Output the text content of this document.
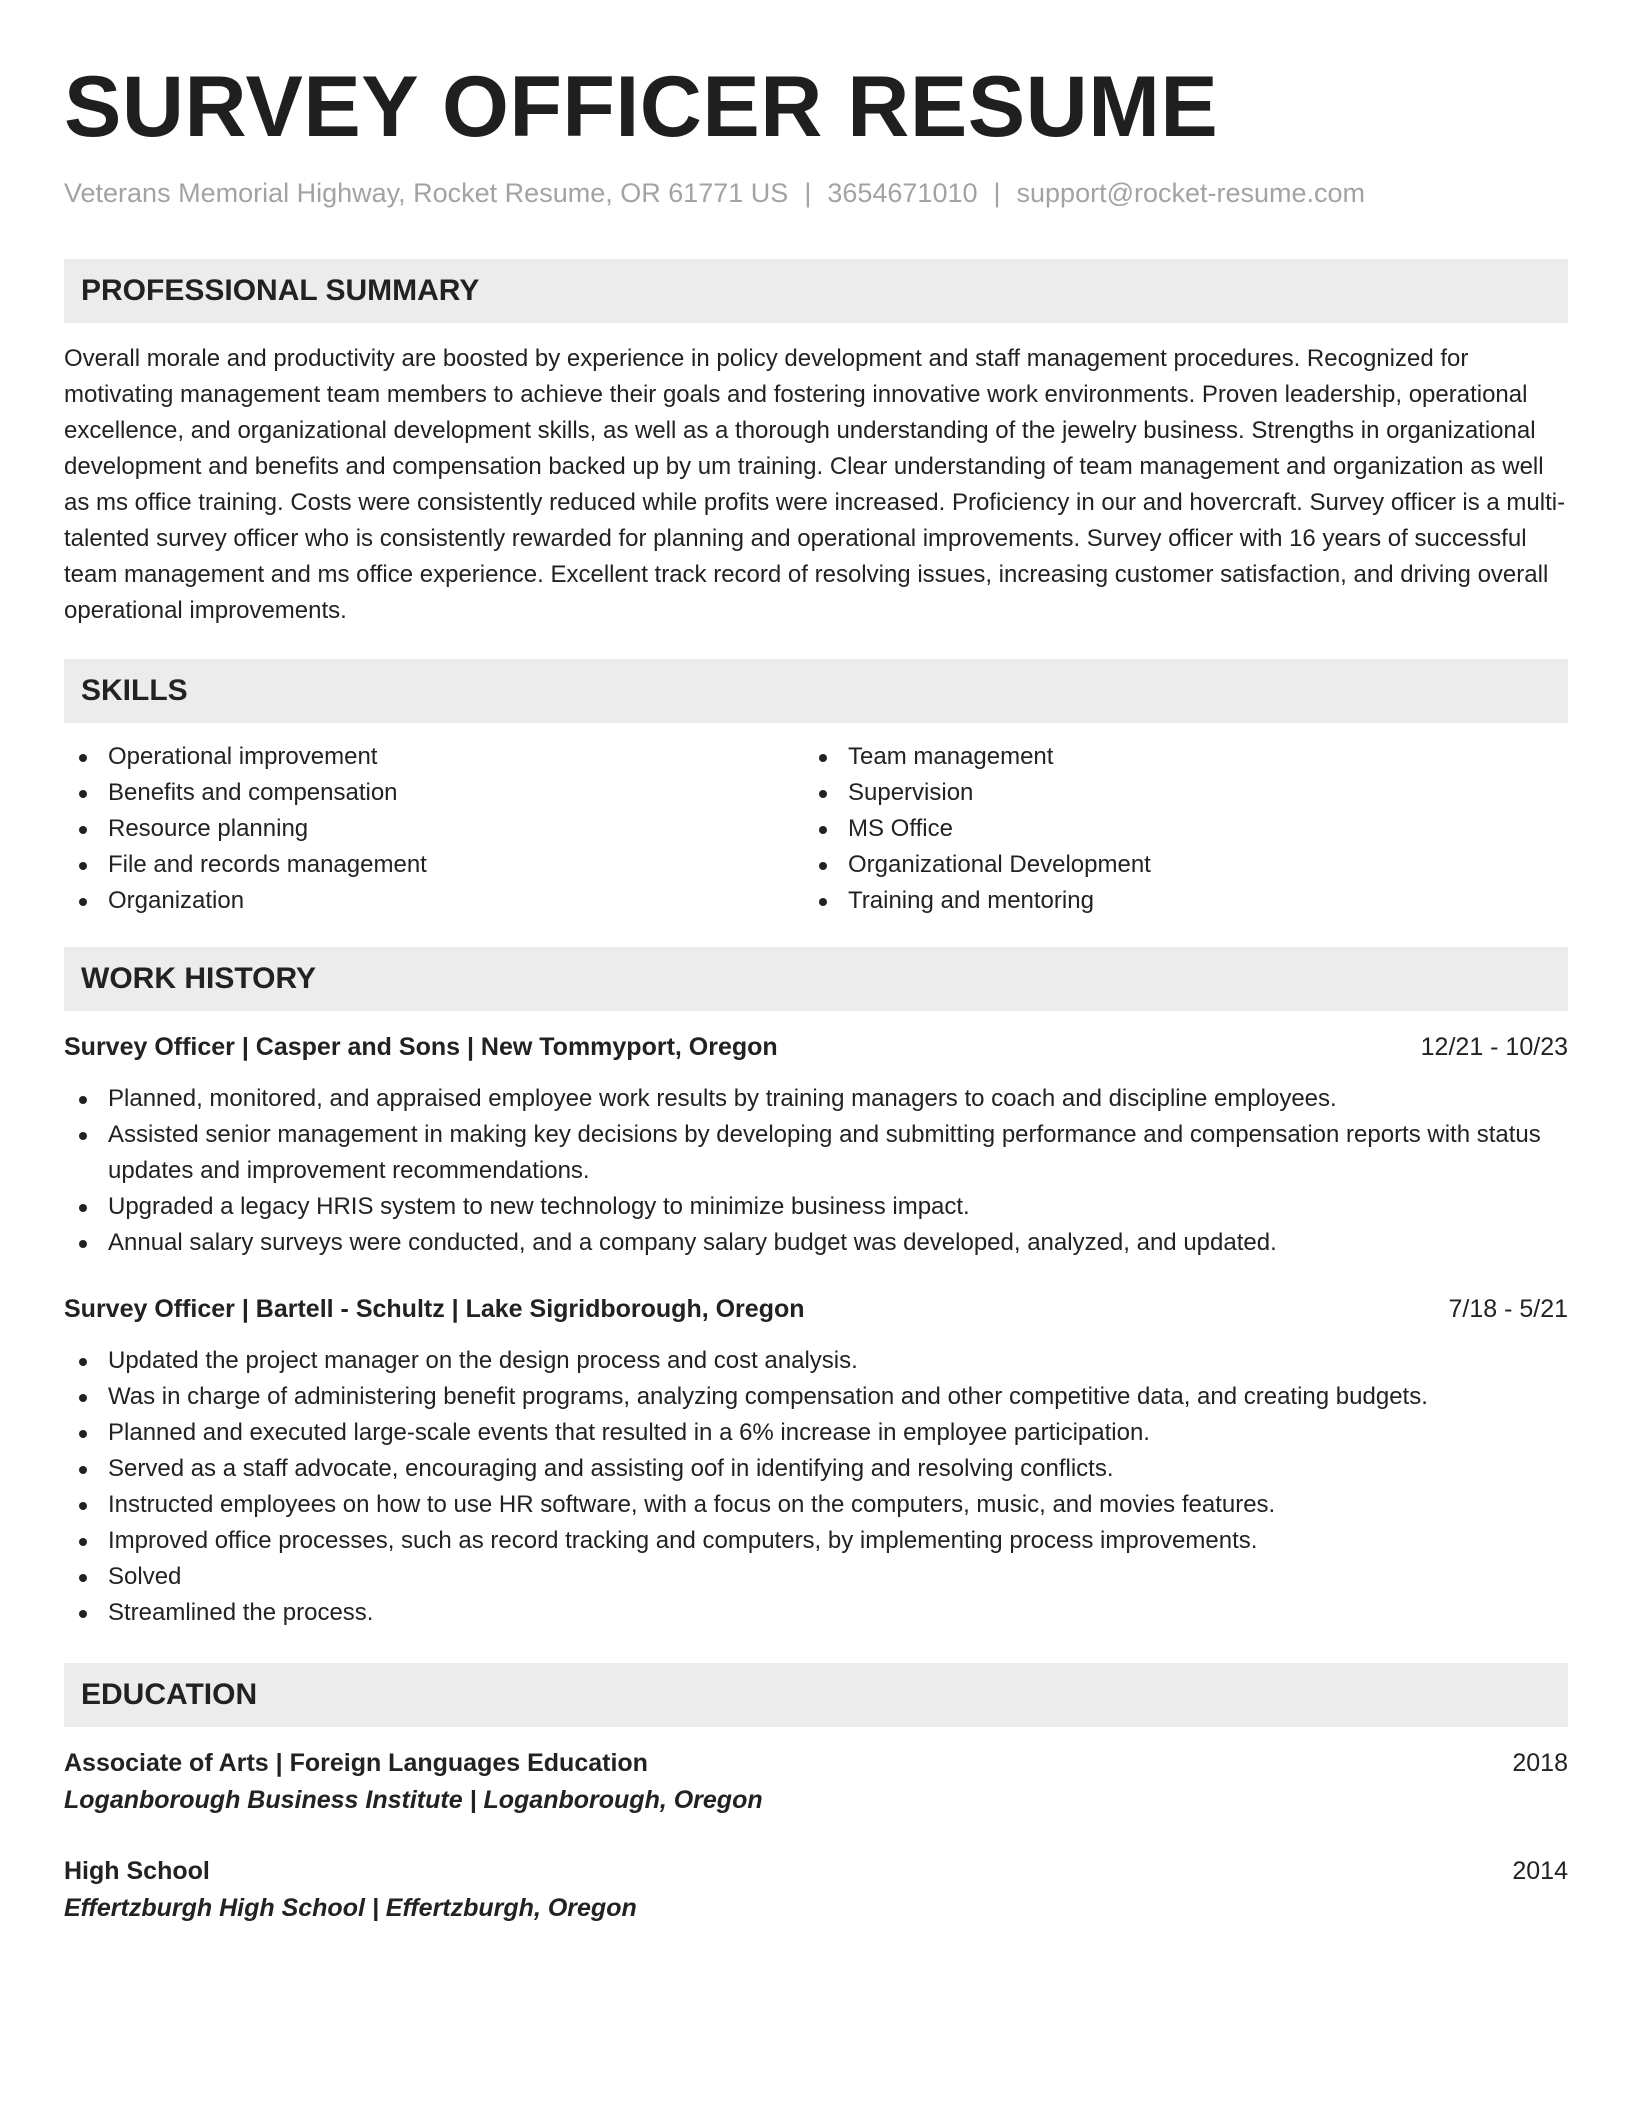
SURVEY OFFICER RESUME
Veterans Memorial Highway, Rocket Resume, OR 61771 US | 3654671010 | support@rocket-resume.com
PROFESSIONAL SUMMARY

Overall morale and productivity are boosted by experience in policy development and staff management procedures. Recognized for motivating management team members to achieve their goals and fostering innovative work environments. Proven leadership, operational excellence, and organizational development skills, as well as a thorough understanding of the jewelry business. Strengths in organizational development and benefits and compensation backed up by um training. Clear understanding of team management and organization as well as ms office training. Costs were consistently reduced while profits were increased. Proficiency in our and hovercraft. Survey officer is a multi-talented survey officer who is consistently rewarded for planning and operational improvements. Survey officer with 16 years of successful team management and ms office experience. Excellent track record of resolving issues, increasing customer satisfaction, and driving overall operational improvements.

SKILLS
Operational improvement
Benefits and compensation
Resource planning
File and records management
Organization
Team management
Supervision
MS Office
Organizational Development
Training and mentoring
WORK HISTORY
Survey Officer | Casper and Sons | New Tommyport, Oregon	12/21 - 10/23
Planned, monitored, and appraised employee work results by training managers to coach and discipline employees.
Assisted senior management in making key decisions by developing and submitting performance and compensation reports with status updates and improvement recommendations.
Upgraded a legacy HRIS system to new technology to minimize business impact.
Annual salary surveys were conducted, and a company salary budget was developed, analyzed, and updated.
Survey Officer | Bartell - Schultz | Lake Sigridborough, Oregon	7/18 - 5/21
Updated the project manager on the design process and cost analysis.
Was in charge of administering benefit programs, analyzing compensation and other competitive data, and creating budgets.
Planned and executed large-scale events that resulted in a 6% increase in employee participation.
Served as a staff advocate, encouraging and assisting oof in identifying and resolving conflicts.
Instructed employees on how to use HR software, with a focus on the computers, music, and movies features.
Improved office processes, such as record tracking and computers, by implementing process improvements.
Solved
Streamlined the process.
EDUCATION
Associate of Arts | Foreign Languages Education	2018
Loganborough Business Institute | Loganborough, Oregon
High School	2014
Effertzburgh High School | Effertzburgh, Oregon
